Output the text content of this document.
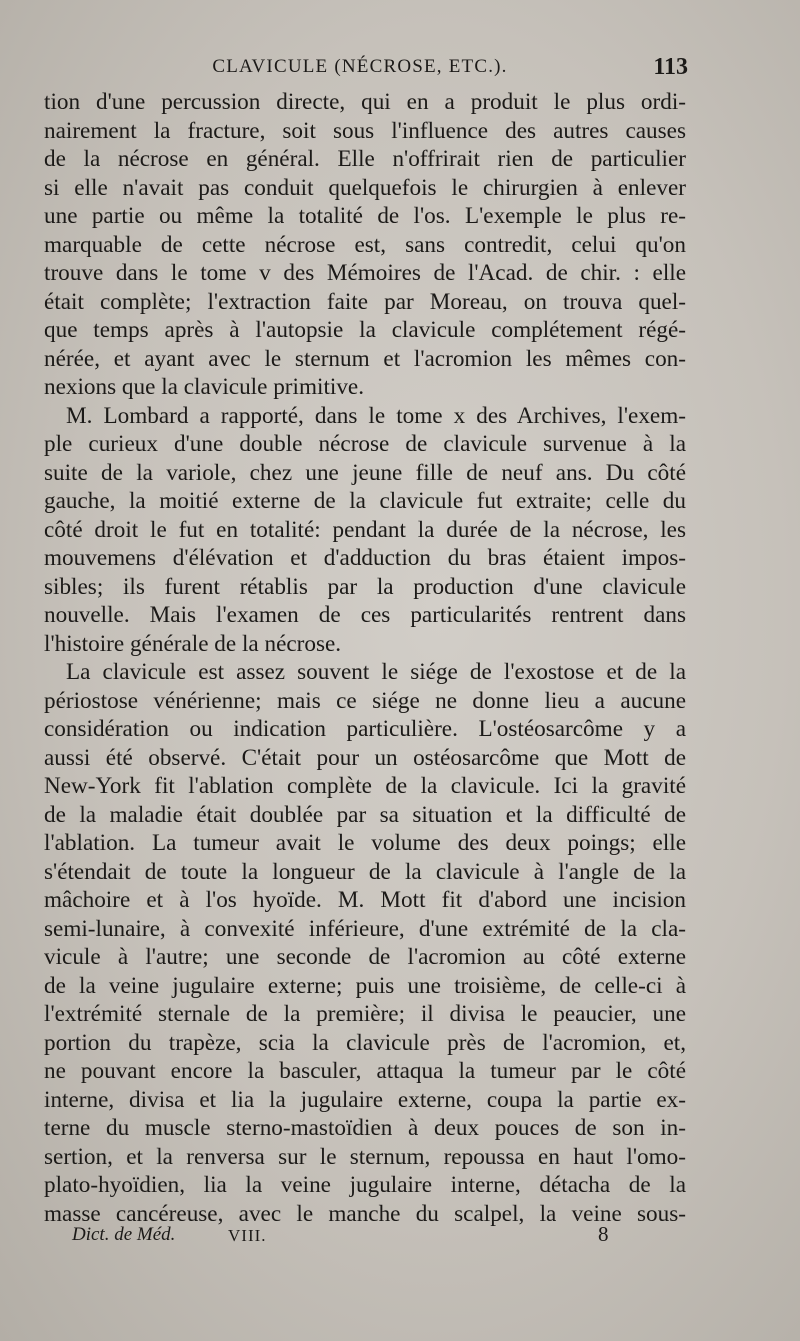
CLAVICULE (NÉCROSE, ETC.).	113
tion d'une percussion directe, qui en a produit le plus ordi-
nairement la fracture, soit sous l'influence des autres causes
de la nécrose en général. Elle n'offrirait rien de particulier
si elle n'avait pas conduit quelquefois le chirurgien à enlever
une partie ou même la totalité de l'os. L'exemple le plus re-
marquable de cette nécrose est, sans contredit, celui qu'on
trouve dans le tome v des Mémoires de l'Acad. de chir. : elle
était complète; l'extraction faite par Moreau, on trouva quel-
que temps après à l'autopsie la clavicule complétement régé-
nérée, et ayant avec le sternum et l'acromion les mêmes con-
nexions que la clavicule primitive.
M. Lombard a rapporté, dans le tome x des Archives, l'exem-
ple curieux d'une double nécrose de clavicule survenue à la
suite de la variole, chez une jeune fille de neuf ans. Du côté
gauche, la moitié externe de la clavicule fut extraite; celle du
côté droit le fut en totalité: pendant la durée de la nécrose, les
mouvemens d'élévation et d'adduction du bras étaient impos-
sibles; ils furent rétablis par la production d'une clavicule
nouvelle. Mais l'examen de ces particularités rentrent dans
l'histoire générale de la nécrose.
La clavicule est assez souvent le siége de l'exostose et de la
périostose vénérienne; mais ce siége ne donne lieu a aucune
considération ou indication particulière. L'ostéosarcôme y a
aussi été observé. C'était pour un ostéosarcôme que Mott de
New-York fit l'ablation complète de la clavicule. Ici la gravité
de la maladie était doublée par sa situation et la difficulté de
l'ablation. La tumeur avait le volume des deux poings; elle
s'étendait de toute la longueur de la clavicule à l'angle de la
mâchoire et à l'os hyoïde. M. Mott fit d'abord une incision
semi-lunaire, à convexité inférieure, d'une extrémité de la cla-
vicule à l'autre; une seconde de l'acromion au côté externe
de la veine jugulaire externe; puis une troisième, de celle-ci à
l'extrémité sternale de la première; il divisa le peaucier, une
portion du trapèze, scia la clavicule près de l'acromion, et,
ne pouvant encore la basculer, attaqua la tumeur par le côté
interne, divisa et lia la jugulaire externe, coupa la partie ex-
terne du muscle sterno-mastoïdien à deux pouces de son in-
sertion, et la renversa sur le sternum, repoussa en haut l'omo-
plato-hyoïdien, lia la veine jugulaire interne, détacha de la
masse cancéreuse, avec le manche du scalpel, la veine sous-
Dict. de Méd.	VIII.	8
